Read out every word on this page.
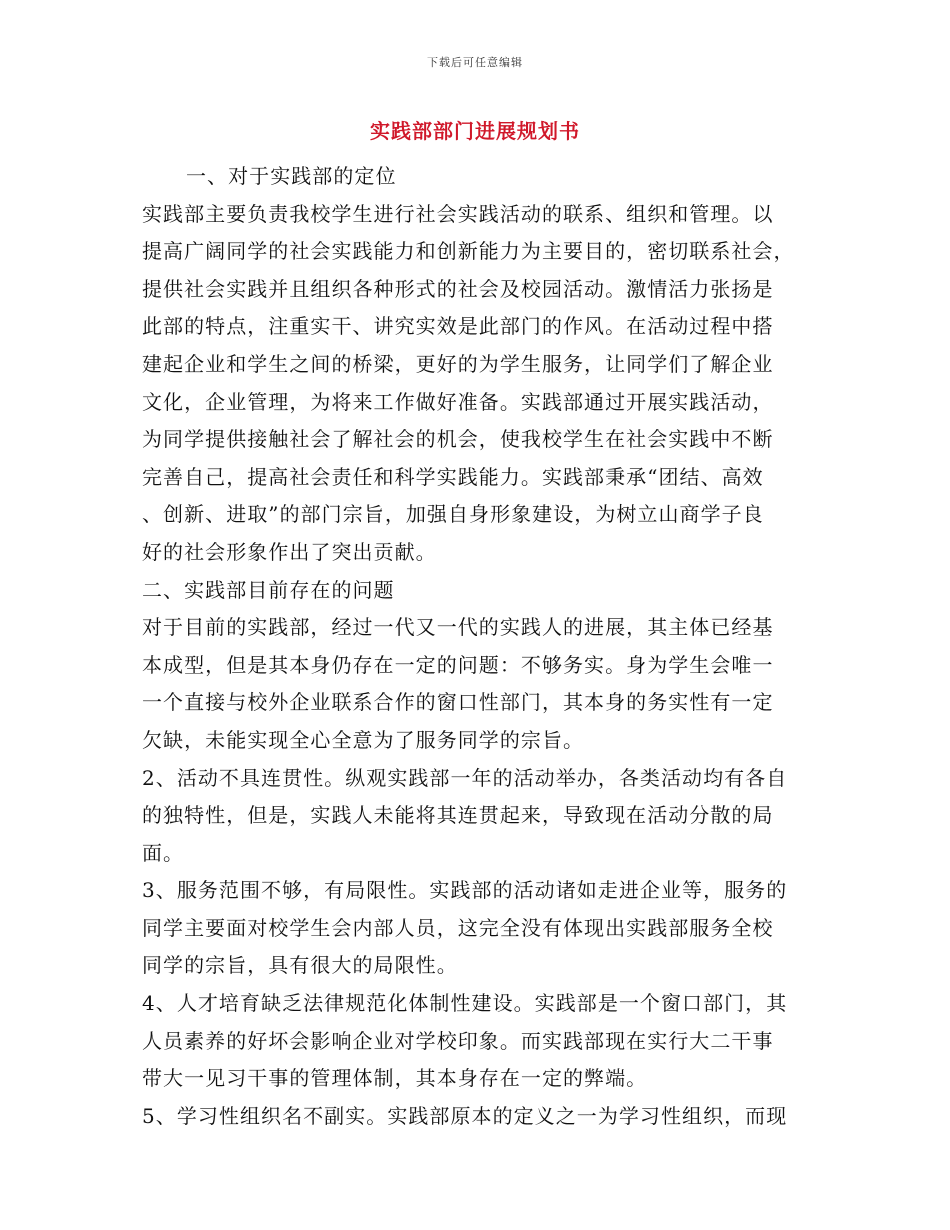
下载后可任意编辑
实践部部门进展规划书
一、对于实践部的定位
实践部主要负责我校学生进行社会实践活动的联系、组织和管理。以
提高广阔同学的社会实践能力和创新能力为主要目的，密切联系社会，
提供社会实践并且组织各种形式的社会及校园活动。激情活力张扬是
此部的特点，注重实干、讲究实效是此部门的作风。在活动过程中搭
建起企业和学生之间的桥梁，更好的为学生服务，让同学们了解企业
文化，企业管理，为将来工作做好准备。实践部通过开展实践活动，
为同学提供接触社会了解社会的机会，使我校学生在社会实践中不断
完善自己，提高社会责任和科学实践能力。实践部秉承“团结、高效
、创新、进取”的部门宗旨，加强自身形象建设，为树立山商学子良
好的社会形象作出了突出贡献。
二、实践部目前存在的问题
对于目前的实践部，经过一代又一代的实践人的进展，其主体已经基
本成型，但是其本身仍存在一定的问题：不够务实。身为学生会唯一
一个直接与校外企业联系合作的窗口性部门，其本身的务实性有一定
欠缺，未能实现全心全意为了服务同学的宗旨。
2、活动不具连贯性。纵观实践部一年的活动举办，各类活动均有各自
的独特性，但是，实践人未能将其连贯起来，导致现在活动分散的局
面。
3、服务范围不够，有局限性。实践部的活动诸如走进企业等，服务的
同学主要面对校学生会内部人员，这完全没有体现出实践部服务全校
同学的宗旨，具有很大的局限性。
4、人才培育缺乏法律规范化体制性建设。实践部是一个窗口部门，其
人员素养的好坏会影响企业对学校印象。而实践部现在实行大二干事
带大一见习干事的管理体制，其本身存在一定的弊端。
5、学习性组织名不副实。实践部原本的定义之一为学习性组织，而现
